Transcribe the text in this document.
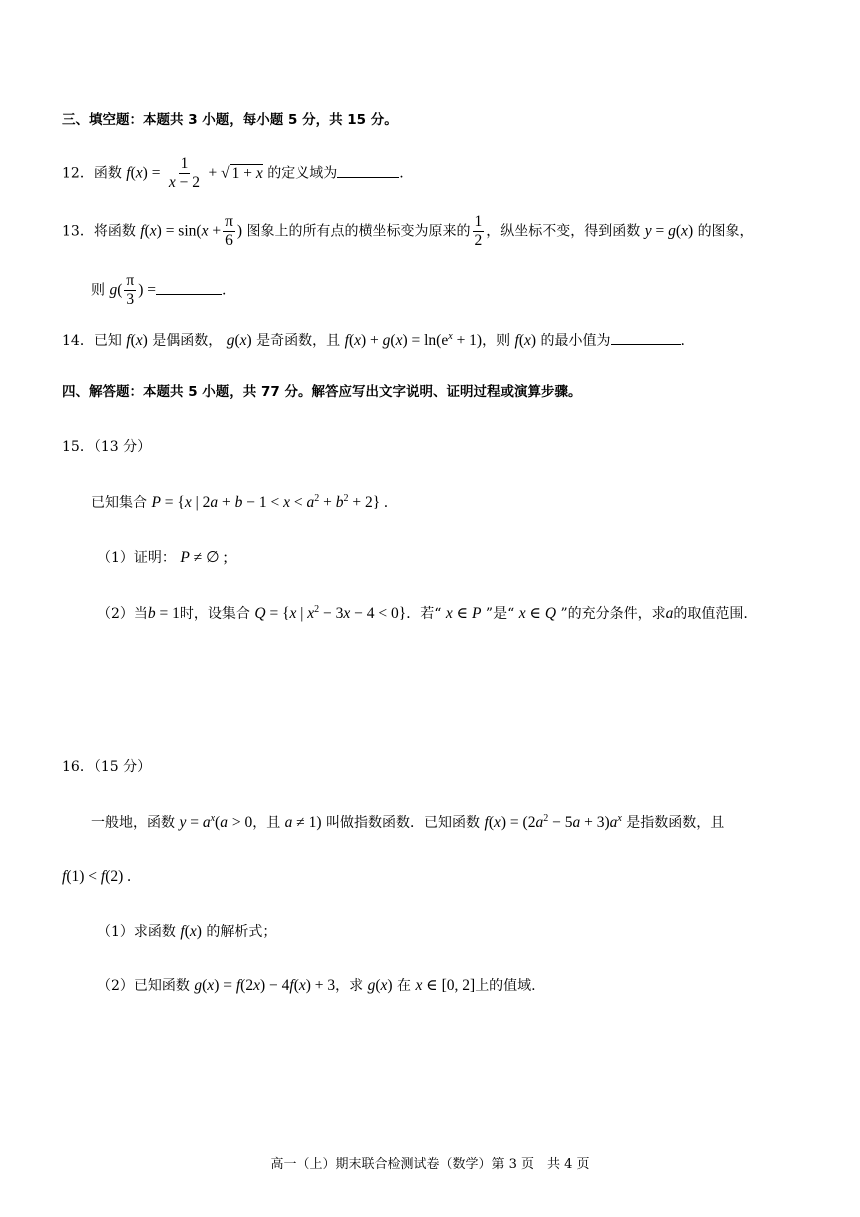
三、填空题：本题共 3 小题，每小题 5 分，共 15 分。
12．函数 $f(x) = \frac{1}{x - 2}$ + √ 1 + x 的定义域为	.
13．将函数 $f(x) = \sin(x + \frac{\pi}{6}$ ) 图象上的所有点的横坐标变为原来的 $\frac{1}{2}$ ，纵坐标不变，得到函数 y = g(x) 的图象，
则 $g( \frac{\pi}{3}$ ) =	.
14．已知 f(x) 是偶函数， g(x) 是奇函数，且 $f(x) + g(x) = \ln(e^x + 1)$，则 f(x) 的最小值为	.
四、解答题：本题共 5 小题，共 77 分。解答应写出文字说明、证明过程或演算步骤。
15．（13 分）
已知集合 P = {x | $2a + b - 1 < x < a^2 + b^2 + 2$} .
（1）证明： P ≠ ∅ ;
（2）当b = 1时，设集合 Q = {x | $x^2 - 3x - 4 < 0$}．若“ x ∈ P ”是“ x ∈ Q ”的充分条件，求a的取值范围.
16．（15 分）
一般地，函数 $y = a^x(a > 0$，且 a ≠ 1) 叫做指数函数．已知函数 $f(x) = (2a^2 - 5a + 3)a^x$ 是指数函数，且
f(1) < f(2) .
（1）求函数 f(x) 的解析式；
（2）已知函数 g(x) = f(2x) − 4f(x) + 3，求 g(x) 在 x ∈ [0, 2]上的值域.
高一（上）期末联合检测试卷（数学）第 3 页　共 4 页
